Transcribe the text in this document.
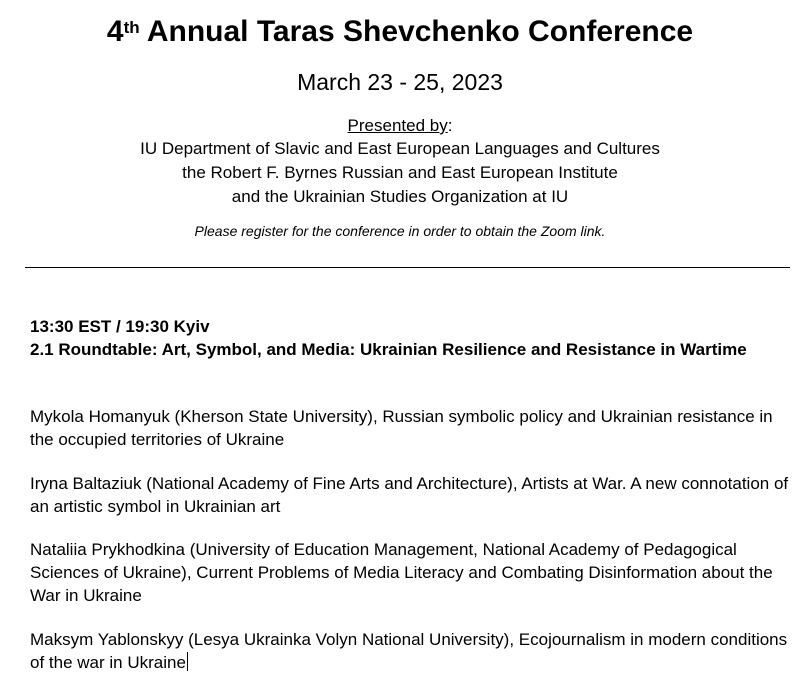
4th Annual Taras Shevchenko Conference
March 23 - 25, 2023
Presented by:
IU Department of Slavic and East European Languages and Cultures
the Robert F. Byrnes Russian and East European Institute
and the Ukrainian Studies Organization at IU
Please register for the conference in order to obtain the Zoom link.
13:30 EST / 19:30 Kyiv
2.1 Roundtable: Art, Symbol, and Media: Ukrainian Resilience and Resistance in Wartime
Mykola Homanyuk (Kherson State University), Russian symbolic policy and Ukrainian resistance in the occupied territories of Ukraine
Iryna Baltaziuk (National Academy of Fine Arts and Architecture), Artists at War. A new connotation of an artistic symbol in Ukrainian art
Nataliia Prykhodkina (University of Education Management, National Academy of Pedagogical Sciences of Ukraine), Current Problems of Media Literacy and Combating Disinformation about the War in Ukraine
Maksym Yablonskyy (Lesya Ukrainka Volyn National University), Ecojournalism in modern conditions of the war in Ukraine
